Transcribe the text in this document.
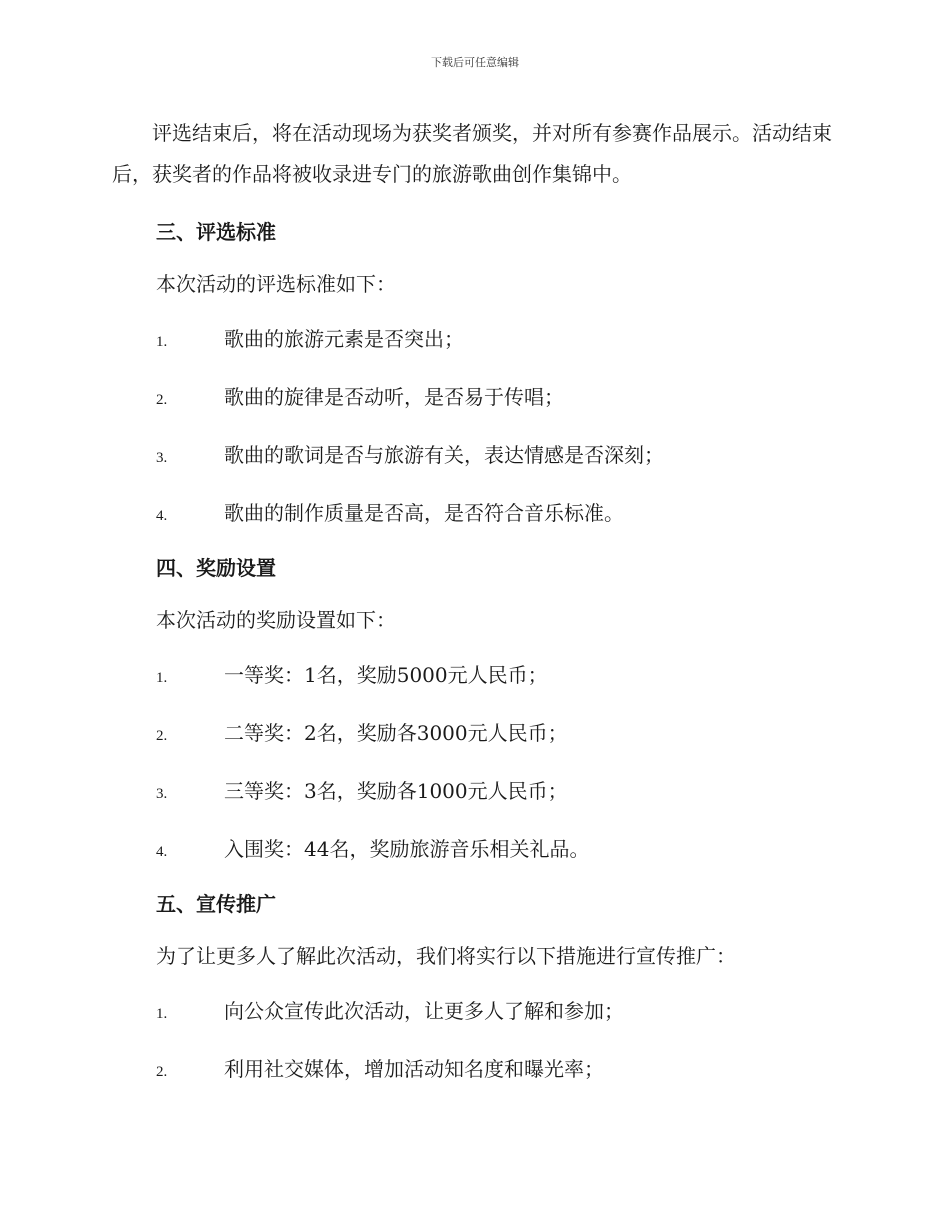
下载后可任意编辑

评选结束后，将在活动现场为获奖者颁奖，并对所有参赛作品展示。活动结束后，获奖者的作品将被收录进专门的旅游歌曲创作集锦中。

三、评选标准
本次活动的评选标准如下：
1.	歌曲的旅游元素是否突出；
2.	歌曲的旋律是否动听，是否易于传唱；
3.	歌曲的歌词是否与旅游有关，表达情感是否深刻；
4.	歌曲的制作质量是否高，是否符合音乐标准。
四、奖励设置
本次活动的奖励设置如下：
1.	一等奖：1名，奖励5000元人民币；
2.	二等奖：2名，奖励各3000元人民币；
3.	三等奖：3名，奖励各1000元人民币；
4.	入围奖：44名，奖励旅游音乐相关礼品。
五、宣传推广
为了让更多人了解此次活动，我们将实行以下措施进行宣传推广：
1.	向公众宣传此次活动，让更多人了解和参加；
2.	利用社交媒体，增加活动知名度和曝光率；
